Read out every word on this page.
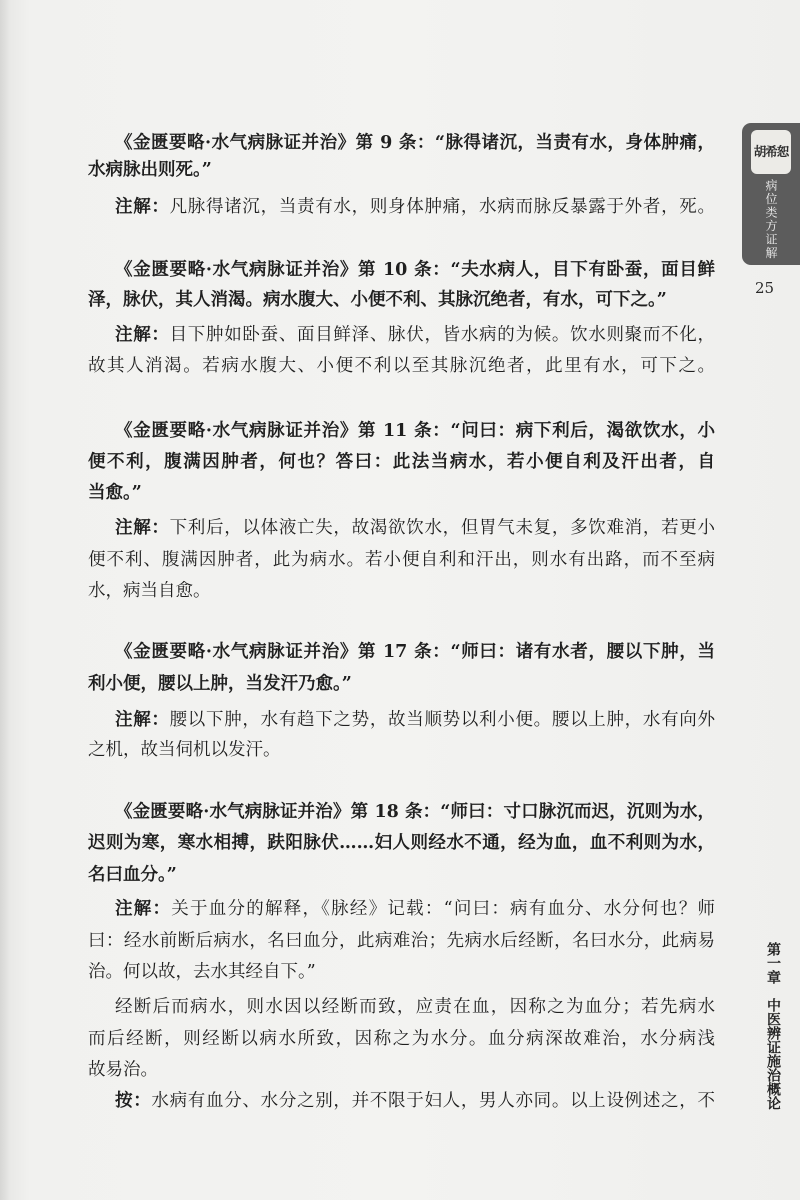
胡希恕
病位类方证解
25
《金匮要略·水气病脉证并治》第 9 条：“脉得诸沉，当责有水，身体肿痛，
水病脉出则死。”
注解：凡脉得诸沉，当责有水，则身体肿痛，水病而脉反暴露于外者，死。
《金匮要略·水气病脉证并治》第 10 条：“夫水病人，目下有卧蚕，面目鲜
泽，脉伏，其人消渴。病水腹大、小便不利、其脉沉绝者，有水，可下之。”
注解：目下肿如卧蚕、面目鲜泽、脉伏，皆水病的为候。饮水则聚而不化，
故其人消渴。若病水腹大、小便不利以至其脉沉绝者，此里有水，可下之。
《金匮要略·水气病脉证并治》第 11 条：“问曰：病下利后，渴欲饮水，小
便不利，腹满因肿者，何也？答曰：此法当病水，若小便自利及汗出者，自
当愈。”
注解：下利后，以体液亡失，故渴欲饮水，但胃气未复，多饮难消，若更小
便不利、腹满因肿者，此为病水。若小便自利和汗出，则水有出路，而不至病
水，病当自愈。
《金匮要略·水气病脉证并治》第 17 条：“师曰：诸有水者，腰以下肿，当
利小便，腰以上肿，当发汗乃愈。”
注解：腰以下肿，水有趋下之势，故当顺势以利小便。腰以上肿，水有向外
之机，故当伺机以发汗。
《金匮要略·水气病脉证并治》第 18 条：“师曰：寸口脉沉而迟，沉则为水，
迟则为寒，寒水相搏，趺阳脉伏……妇人则经水不通，经为血，血不利则为水，
名曰血分。”
注解：关于血分的解释，《脉经》记载：“问曰：病有血分、水分何也？师
曰：经水前断后病水，名曰血分，此病难治；先病水后经断，名曰水分，此病易
治。何以故，去水其经自下。”
经断后而病水，则水因以经断而致，应责在血，因称之为血分；若先病水
而后经断，则经断以病水所致，因称之为水分。血分病深故难治，水分病浅
故易治。
按：水病有血分、水分之别，并不限于妇人，男人亦同。以上设例述之，不
第一章
中医辨证施治概论
